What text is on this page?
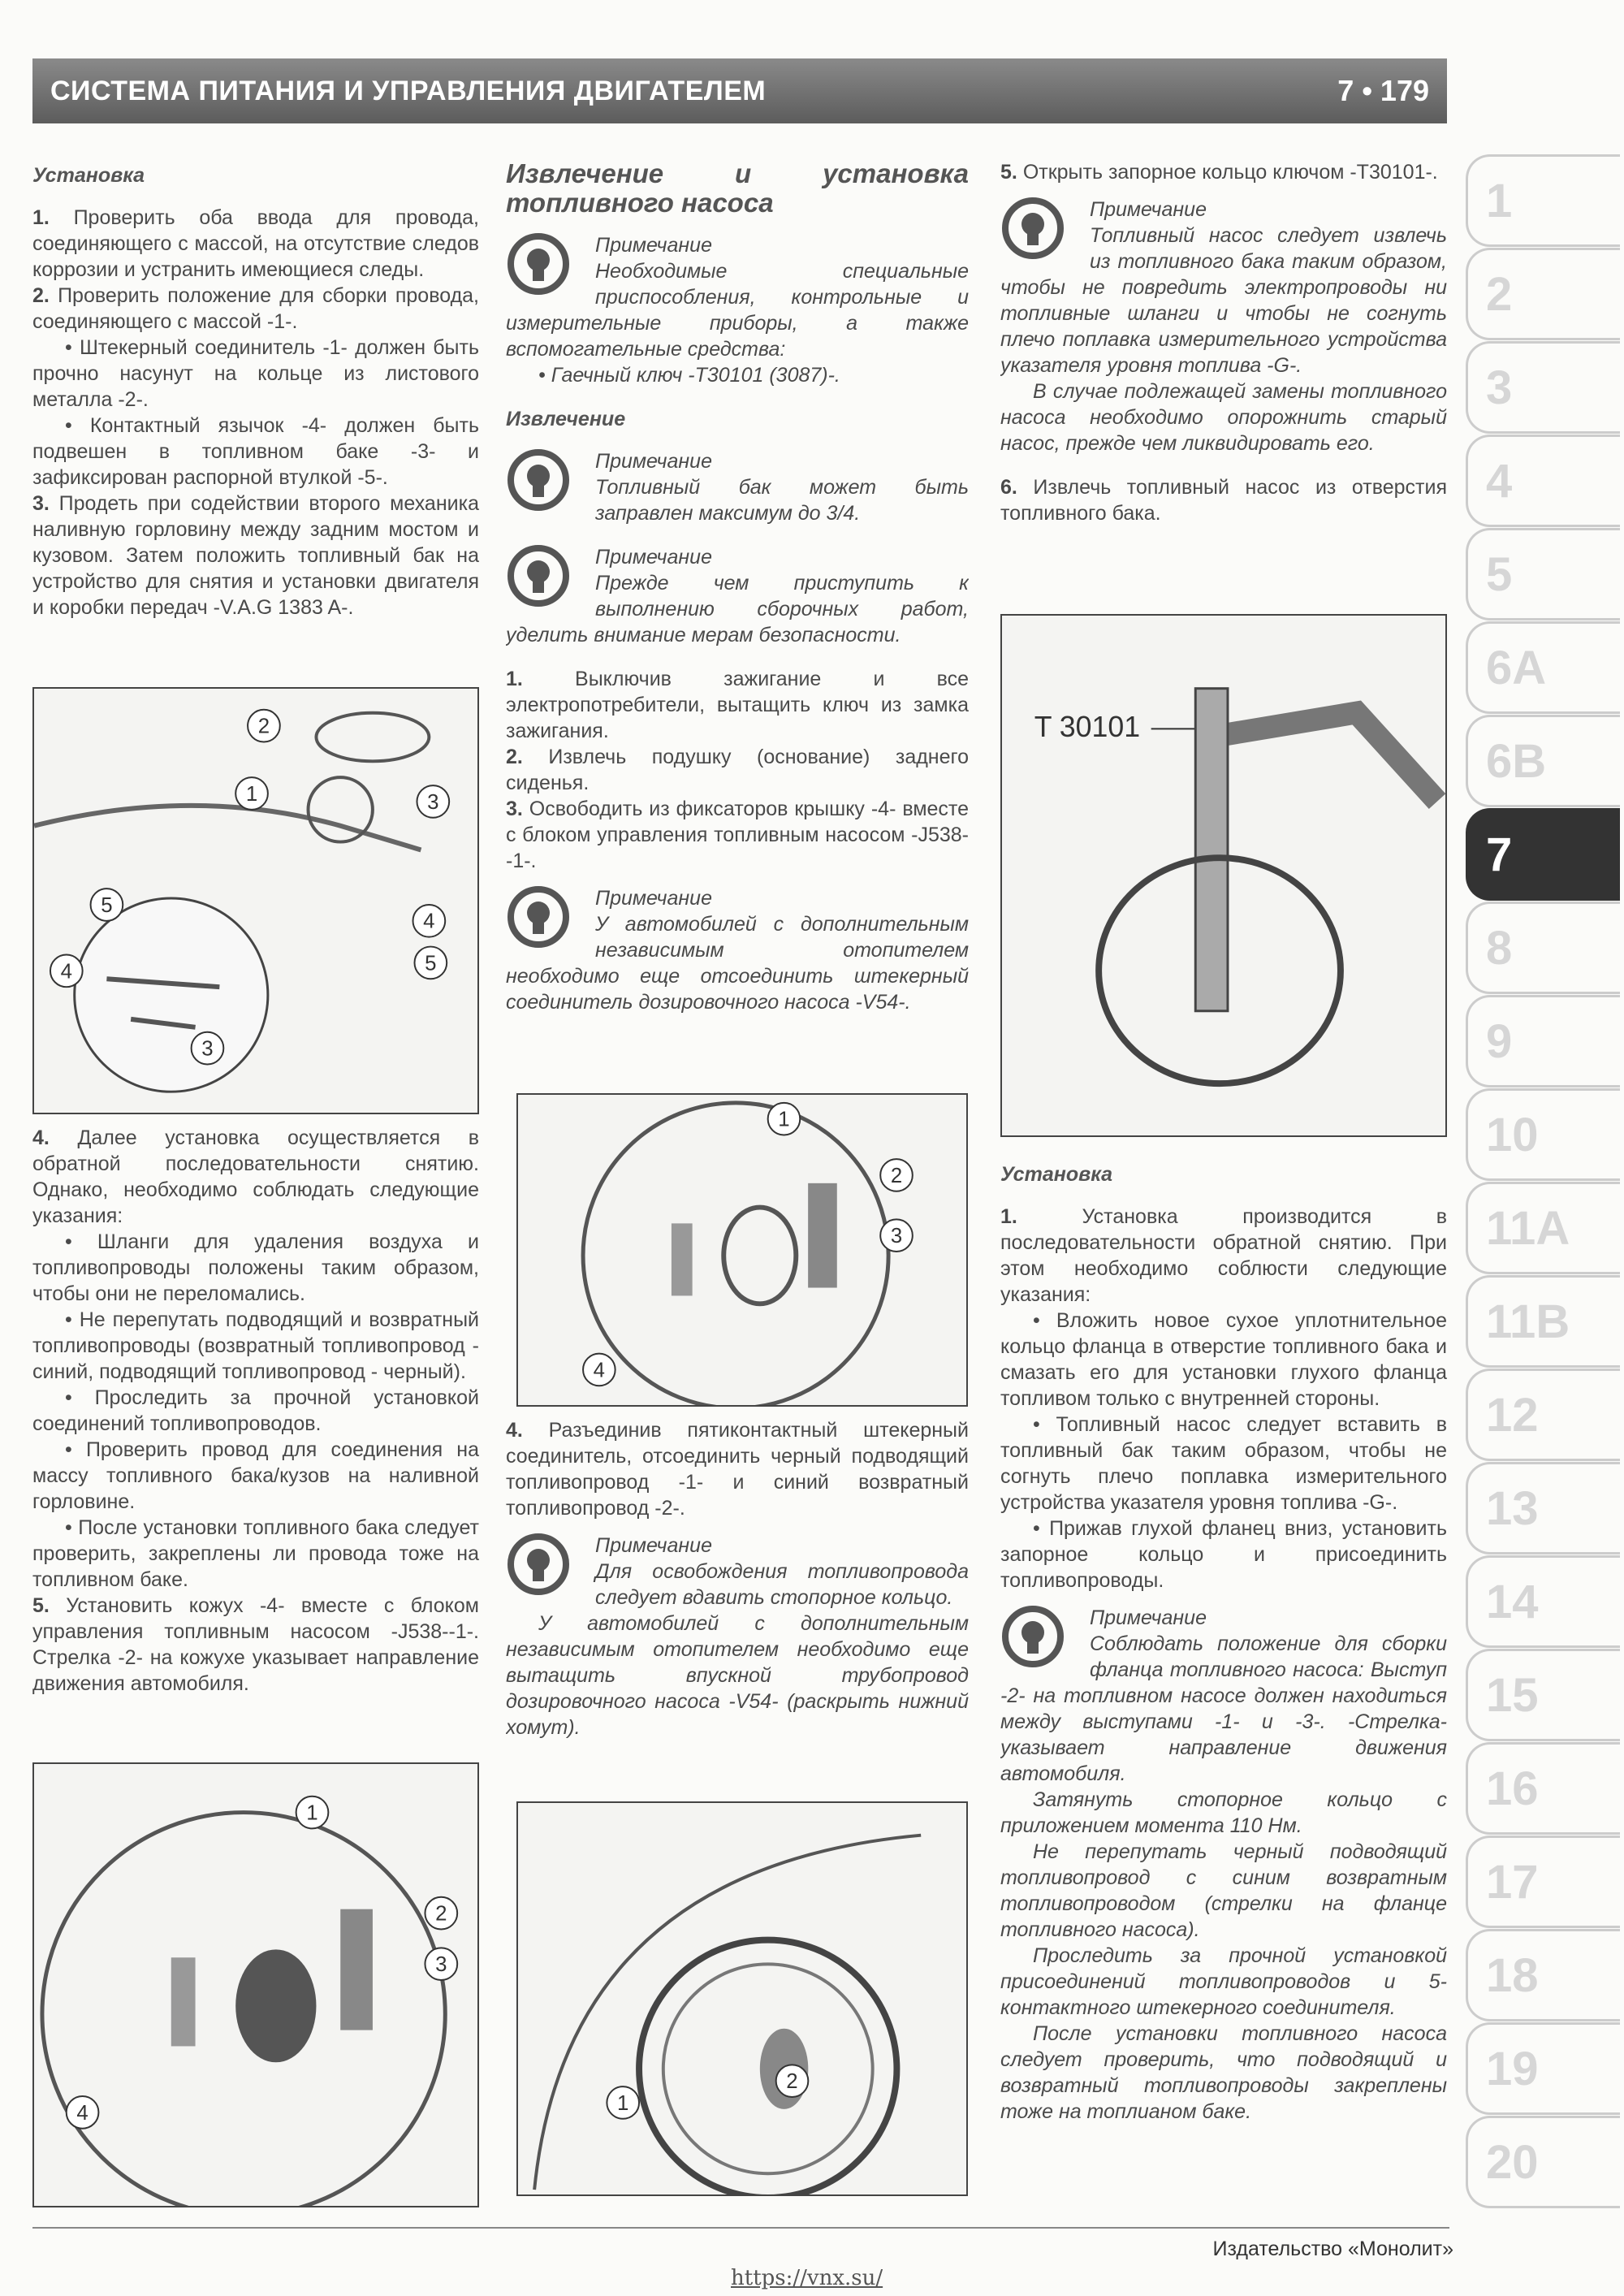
СИСТЕМА ПИТАНИЯ И УПРАВЛЕНИЯ ДВИГАТЕЛЕМ	7 • 179
Установка

1. Проверить оба ввода для провода, соединяющего с массой, на отсутствие следов коррозии и устранить имеющиеся следы.

2. Проверить положение для сборки провода, соединяющего с массой -1-.

• Штекерный соединитель -1- должен быть прочно насунут на кольце из листового металла -2-.

• Контактный язычок -4- должен быть подвешен в топливном баке -3- и зафиксирован распорной втулкой -5-.

3. Продеть при содействии второго механика наливную горловину между задним мостом и кузовом. Затем положить топливный бак на устройство для снятия и установки двигателя и коробки передач -V.A.G 1383 A-.

1
2
3
4
5
4	5
3

4. Далее установка осуществляется в обратной последовательности снятию. Однако, необходимо соблюдать следующие указания:

• Шланги для удаления воздуха и топливопроводы положены таким образом, чтобы они не переломались.

• Не перепутать подводящий и возвратный топливопроводы (возвратный топливопровод - синий, подводящий топливопровод - черный).

• Проследить за прочной установкой соединений топливопроводов.

• Проверить провод для соединения на массу топливного бака/кузов на наливной горловине.

• После установки топливного бака следует проверить, закреплены ли провода тоже на топливном баке.

5. Установить кожух -4- вместе с блоком управления топливным насосом -J538--1-. Стрелка -2- на кожухе указывает направление движения автомобиля.

1
2
3
4
Извлечение и установка топливного насоса
Примечание
Необходимые специальные приспособления, контрольные и измерительные приборы, а также вспомогательные средства:

• Гаечный ключ -T30101 (3087)-.

Извлечение
Примечание
Топливный бак может быть заправлен максимум до 3/4.
Примечание
Прежде чем приступить к выполнению сборочных работ, уделить внимание мерам безопасности.

1.	Выключив зажигание и все электропотребители, вытащить ключ из замка зажигания.

2. Извлечь подушку (основание) заднего сиденья.

3. Освободить из фиксаторов крышку -4- вместе с блоком управления топливным насосом -J538- -1-.

Примечание
У автомобилей с дополнительным независимым отопителем необходимо еще отсоединить штекерный соединитель дозировочного насоса -V54-.
1
2
3
4

4. Разъединив пятиконтактный штекерный соединитель, отсоединить черный подводящий топливопровод -1- и синий возвратный топливопровод -2-.

Примечание
Для освобождения топливопровода следует вдавить стопорное кольцо.

У автомобилей с дополнительным независимым отопителем необходимо еще вытащить впускной трубопровод дозировочного насоса -V54- (раскрыть нижний хомут).

1
2

5. Открыть запорное кольцо ключом -T30101-.

Примечание
Топливный насос следует извлечь из топливного бака таким образом, чтобы не повредить электропроводы ни топливные шланги и чтобы не согнуть плечо поплавка измерительного устройства указателя уровня топлива -G-.

В случае подлежащей замены топливного насоса необходимо опорожнить старый насос, прежде чем ликвидировать его.

6. Извлечь топливный насос из отверстия топливного бака.

T 30101
Установка

1.	Установка производится в последовательности обратной снятию. При этом необходимо соблюсти следующие указания:

• Вложить новое сухое уплотнительное кольцо фланца в отверстие топливного бака и смазать его для установки глухого фланца топливом только с внутренней стороны.

• Топливный насос следует вставить в топливный бак таким образом, чтобы не согнуть плечо поплавка измерительного устройства указателя уровня топлива -G-.

• Прижав глухой фланец вниз, установить запорное кольцо и присоединить топливопроводы.

Примечание
Соблюдать положение для сборки фланца топливного насоса: Выступ -2- на топливном насосе должен находиться между выступами -1- и -3-. -Стрелка- указывает направление движения автомобиля.

Затянуть стопорное кольцо с приложением момента 110 Нм.

Не перепутать черный подводящий топливопровод с синим возвратным топливопроводом (стрелки на фланце топливного насоса).

Проследить за прочной установкой присоединений топливопроводов и 5-контактного штекерного соединителя.

После установки топливного насоса следует проверить, что подводящий и возвратный топливопроводы закреплены тоже на топлианом баке.

1
2
3
4
5
6A
6B
7
8
9
10
11A
11B
12
13
14
15
16
17
18
19
20
Издательство «Монолит»
https://vnx.su/
